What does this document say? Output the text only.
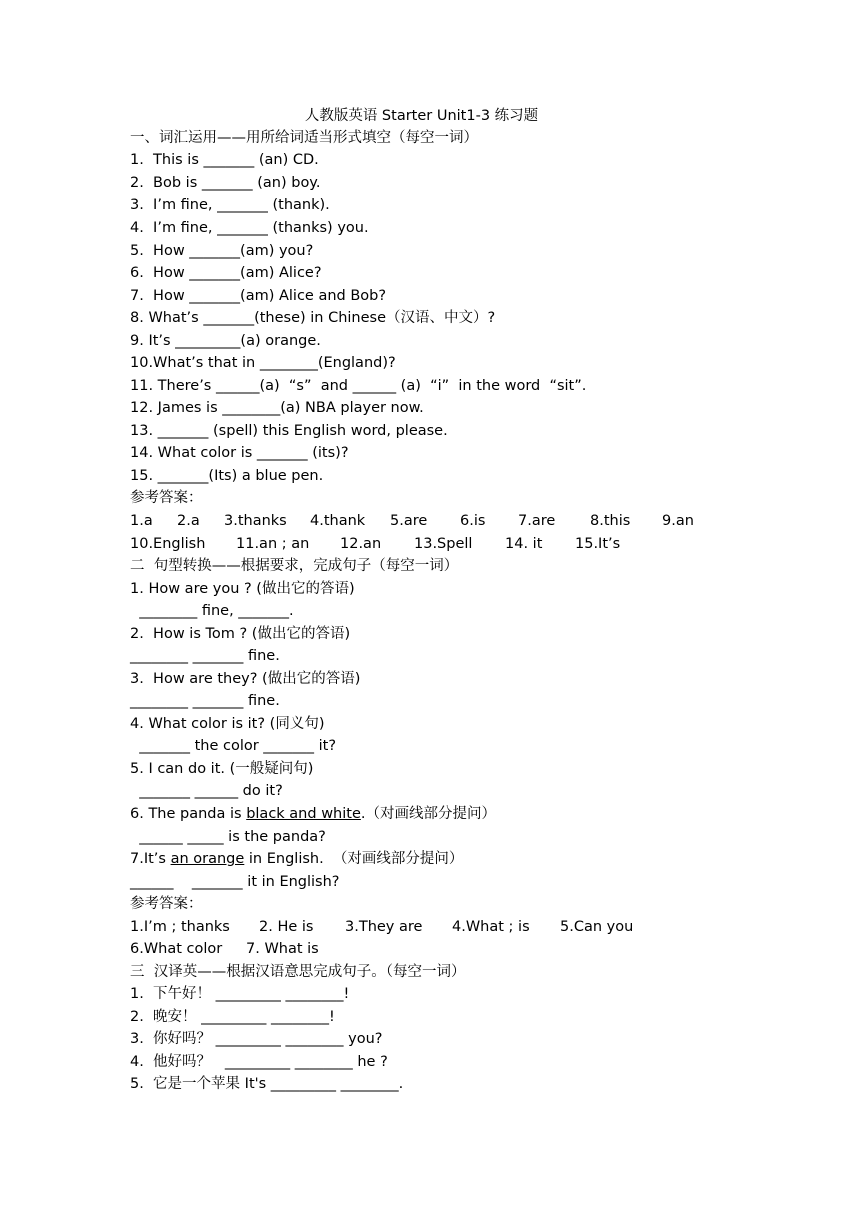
人教版英语 Starter Unit1-3 练习题
一、词汇运用——用所给词适当形式填空（每空一词）
1.  This is _______ (an) CD.
2.  Bob is _______ (an) boy.
3.  I’m fine, _______ (thank).
4.  I’m fine, _______ (thanks) you.
5.  How _______(am) you?
6.  How _______(am) Alice?
7.  How _______(am) Alice and Bob?
8. What’s _______(these) in Chinese（汉语、中文）?
9. It’s _________(a) orange.
10.What’s that in ________(England)?
11. There’s ______(a)  “s”  and ______ (a)  “i”  in the word  “sit”.
12. James is ________(a) NBA player now.
13. _______ (spell) this English word, please.
14. What color is _______ (its)?
15. _______(Its) a blue pen.
参考答案：
1.a 2.a 3.thanks 4.thank 5.are 6.is 7.are 8.this 9.an
10.English 11.an ; an 12.an 13.Spell 14. it 15.It’s
二  句型转换——根据要求，完成句子（每空一词）
1. How are you ? (做出它的答语)
________ fine, _______.
2.  How is Tom ? (做出它的答语)
________ _______ fine.
3.  How are they? (做出它的答语)
________ _______ fine.
4. What color is it? (同义句)
_______ the color _______ it?
5. I can do it. (一般疑问句)
_______ ______ do it?
6. The panda is black and white.（对画线部分提问）
______ _____ is the panda?
7.It’s an orange in English.  （对画线部分提问）
______    _______ it in English?
参考答案：
1.I’m ; thanks 2. He is 3.They are 4.What ; is 5.Can you
6.What color 7. What is
三  汉译英——根据汉语意思完成句子。（每空一词）
1.  下午好！ _________ ________!
2.  晚安！ _________ ________!
3.  你好吗？ _________ ________ you?
4.  他好吗？   _________ ________ he ?
5.  它是一个苹果 It's _________ ________.
